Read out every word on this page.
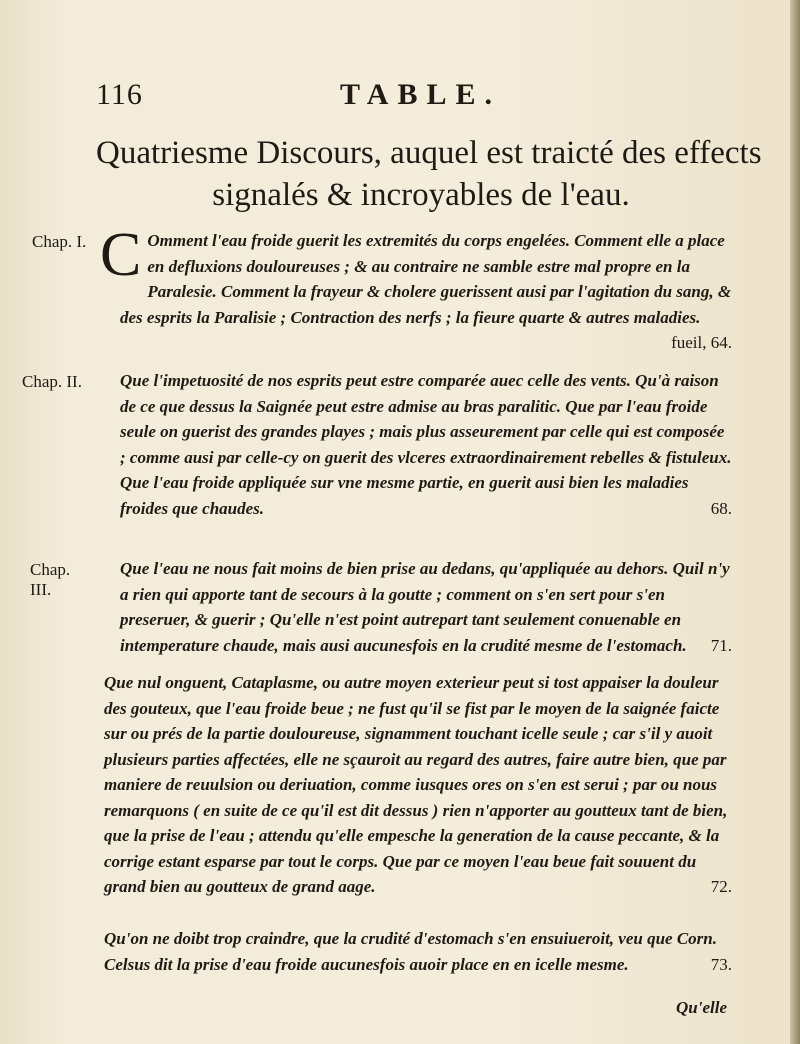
116	TABLE.
Quatriesme Discours, auquel est traicté des effects
signalés & incroyables de l'eau.
Chap. I. C Omment l'eau froide guerit les extremités du corps engelées. Comment elle a place en defluxions douloureuses ; & au contraire ne samble estre mal propre en la Paralesie. Comment la frayeur & cholere guerissent ausi par l'agitation du sang, & des esprits la Paralisie ; Contraction des nerfs ; la fieure quarte & autres maladies.
fueil, 64.
Chap. II. Que l'impetuosité de nos esprits peut estre comparée auec celle des vents. Qu'à raison de ce que dessus la Saignée peut estre admise au bras paralitic. Que par l'eau froide seule on guerist des grandes playes ; mais plus asseurement par celle qui est composée ; comme ausi par celle-cy on guerit des vlceres extraordinairement rebelles & fistuleux. Que l'eau froide appliquée sur vne mesme partie, en guerit ausi bien les maladies froides que chaudes.	68.
Chap.
III.
Que l'eau ne nous fait moins de bien prise au dedans, qu'appliquée au dehors. Quil n'y a rien qui apporte tant de secours à la goutte ; comment on s'en sert pour s'en preseruer, & guerir ; Qu'elle n'est point autrepart tant seulement conuenable en intemperature chaude, mais ausi aucunesfois en la crudité mesme de l'estomach. 71.
Que nul onguent, Cataplasme, ou autre moyen exterieur peut si tost appaiser la douleur des gouteux, que l'eau froide beue ; ne fust qu'il se fist par le moyen de la saignée faicte sur ou prés de la partie douloureuse, signamment touchant icelle seule ; car s'il y auoit plusieurs parties affectées, elle ne sçauroit au regard des autres, faire autre bien, que par maniere de reuulsion ou deriuation, comme iusques ores on s'en est serui ; par ou nous remarquons ( en suite de ce qu'il est dit dessus ) rien n'apporter au goutteux tant de bien, que la prise de l'eau ; attendu qu'elle empesche la generation de la cause peccante, & la corrige estant esparse par tout le corps. Que par ce moyen l'eau beue fait souuent du grand bien au goutteux de grand aage.	72.
Qu'on ne doibt trop craindre, que la crudité d'estomach s'en ensuiueroit, veu que Corn. Celsus dit la prise d'eau froide aucunesfois auoir place en en icelle mesme.	73.
Qu'elle
